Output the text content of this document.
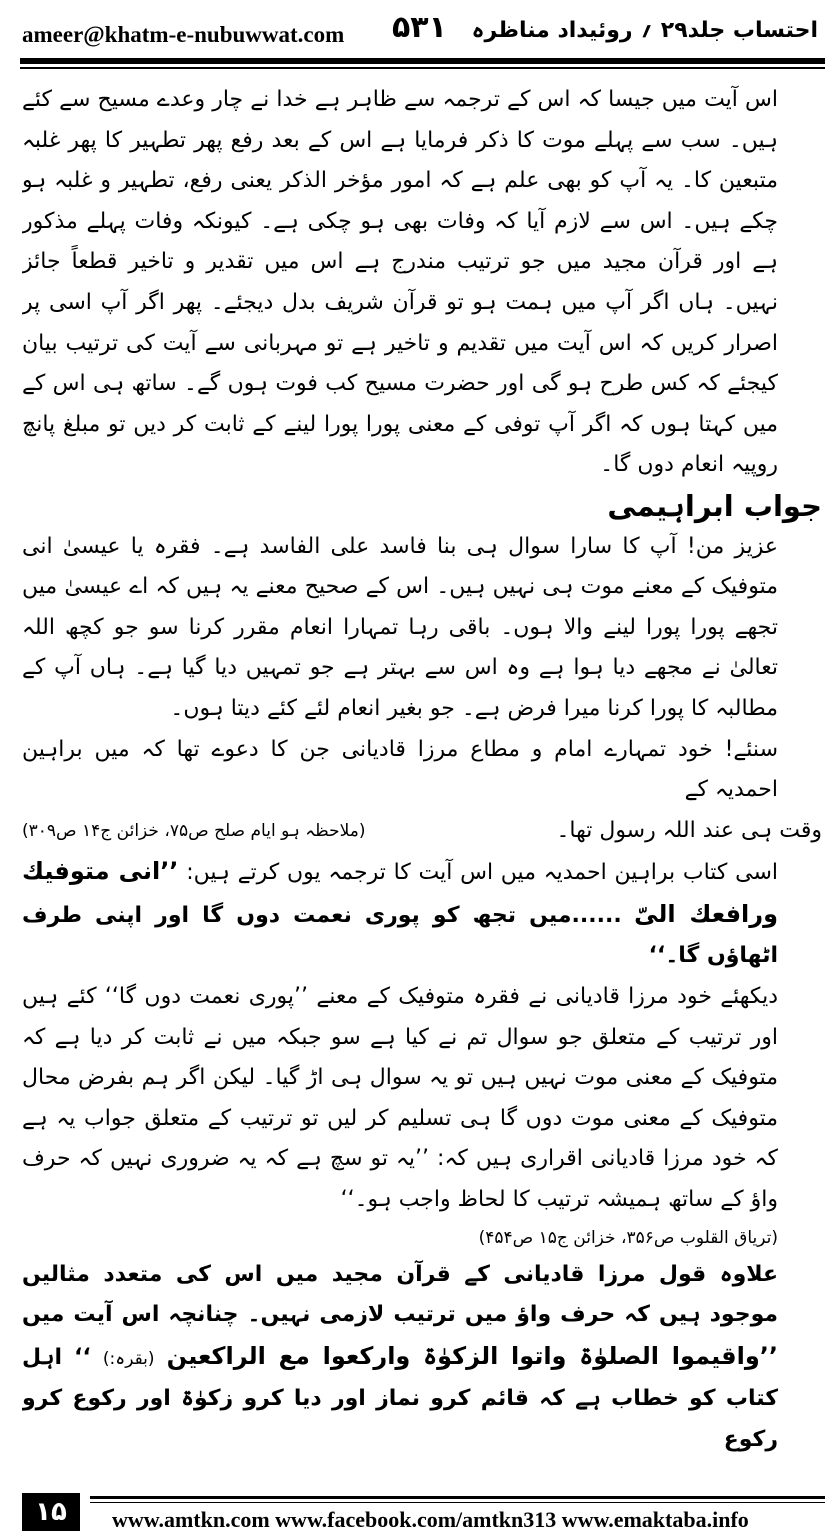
ameer@khatm-e-nubuwwat.com ۵۳۱ احتساب جلد۲۹ ؍ روئیداد مناظرہ

اس آیت میں جیسا کہ اس کے ترجمہ سے ظاہر ہے خدا نے چار وعدے مسیح سے کئے ہیں۔ سب سے پہلے موت کا ذکر فرمایا ہے اس کے بعد رفع پھر تطہیر کا پھر غلبہ متبعین کا۔ یہ آپ کو بھی علم ہے کہ امور مؤخر الذکر یعنی رفع، تطہیر و غلبہ ہو چکے ہیں۔ اس سے لازم آیا کہ وفات بھی ہو چکی ہے۔ کیونکہ وفات پہلے مذکور ہے اور قرآن مجید میں جو ترتیب مندرج ہے اس میں تقدیر و تاخیر قطعاً جائز نہیں۔ ہاں اگر آپ میں ہمت ہو تو قرآن شریف بدل دیجئے۔ پھر اگر آپ اسی پر اصرار کریں کہ اس آیت میں تقدیم و تاخیر ہے تو مہربانی سے آیت کی ترتیب بیان کیجئے کہ کس طرح ہو گی اور حضرت مسیح کب فوت ہوں گے۔ ساتھ ہی اس کے میں کہتا ہوں کہ اگر آپ توفی کے معنی پورا پورا لینے کے ثابت کر دیں تو مبلغ پانچ روپیہ انعام دوں گا۔

جواب ابراہیمی

عزیز من! آپ کا سارا سوال ہی بنا فاسد علی الفاسد ہے۔ فقرہ یا عیسیٰ انی متوفیک کے معنے موت ہی نہیں ہیں۔ اس کے صحیح معنے یہ ہیں کہ اے عیسیٰ میں تجھے پورا پورا لینے والا ہوں۔ باقی رہا تمہارا انعام مقرر کرنا سو جو کچھ اللہ تعالیٰ نے مجھے دیا ہوا ہے وہ اس سے بہتر ہے جو تمہیں دیا گیا ہے۔ ہاں آپ کے مطالبہ کا پورا کرنا میرا فرض ہے۔ جو بغیر انعام لئے کئے دیتا ہوں۔

سنئے! خود تمہارے امام و مطاع مرزا قادیانی جن کا دعوے تھا کہ میں براہین احمدیہ کے

وقت ہی عند اللہ رسول تھا۔
(ملاحظہ ہو ایام صلح ص۷۵، خزائن ج۱۴ ص۳۰۹)

اسی کتاب براہین احمدیہ میں اس آیت کا ترجمہ یوں کرتے ہیں: ’’انی متوفیك ورافعك الیّ ......میں تجھ کو پوری نعمت دوں گا اور اپنی طرف اٹھاؤں گا۔‘‘

دیکھئے خود مرزا قادیانی نے فقرہ متوفیک کے معنے ’’پوری نعمت دوں گا‘‘ کئے ہیں اور ترتیب کے متعلق جو سوال تم نے کیا ہے سو جبکہ میں نے ثابت کر دیا ہے کہ متوفیک کے معنی موت نہیں ہیں تو یہ سوال ہی اڑ گیا۔ لیکن اگر ہم بفرض محال متوفیک کے معنی موت دوں گا ہی تسلیم کر لیں تو ترتیب کے متعلق جواب یہ ہے کہ خود مرزا قادیانی اقراری ہیں کہ: ’’یہ تو سچ ہے کہ یہ ضروری نہیں کہ حرف واؤ کے ساتھ ہمیشہ ترتیب کا لحاظ واجب ہو۔‘‘

(تریاق القلوب ص۳۵۶، خزائن ج۱۵ ص۴۵۴)

علاوہ قول مرزا قادیانی کے قرآن مجید میں اس کی متعدد مثالیں موجود ہیں کہ حرف واؤ میں ترتیب لازمی نہیں۔ چنانچہ اس آیت میں ’’واقیموا الصلوٰۃ واتوا الزکوٰۃ وارکعوا مع الراکعین (بقرہ:) ‘‘ اہل کتاب کو خطاب ہے کہ قائم کرو نماز اور دیا کرو زکوٰۃ اور رکوع کرو رکوع

۱۵	www.amtkn.com www.facebook.com/amtkn313 www.emaktaba.info
